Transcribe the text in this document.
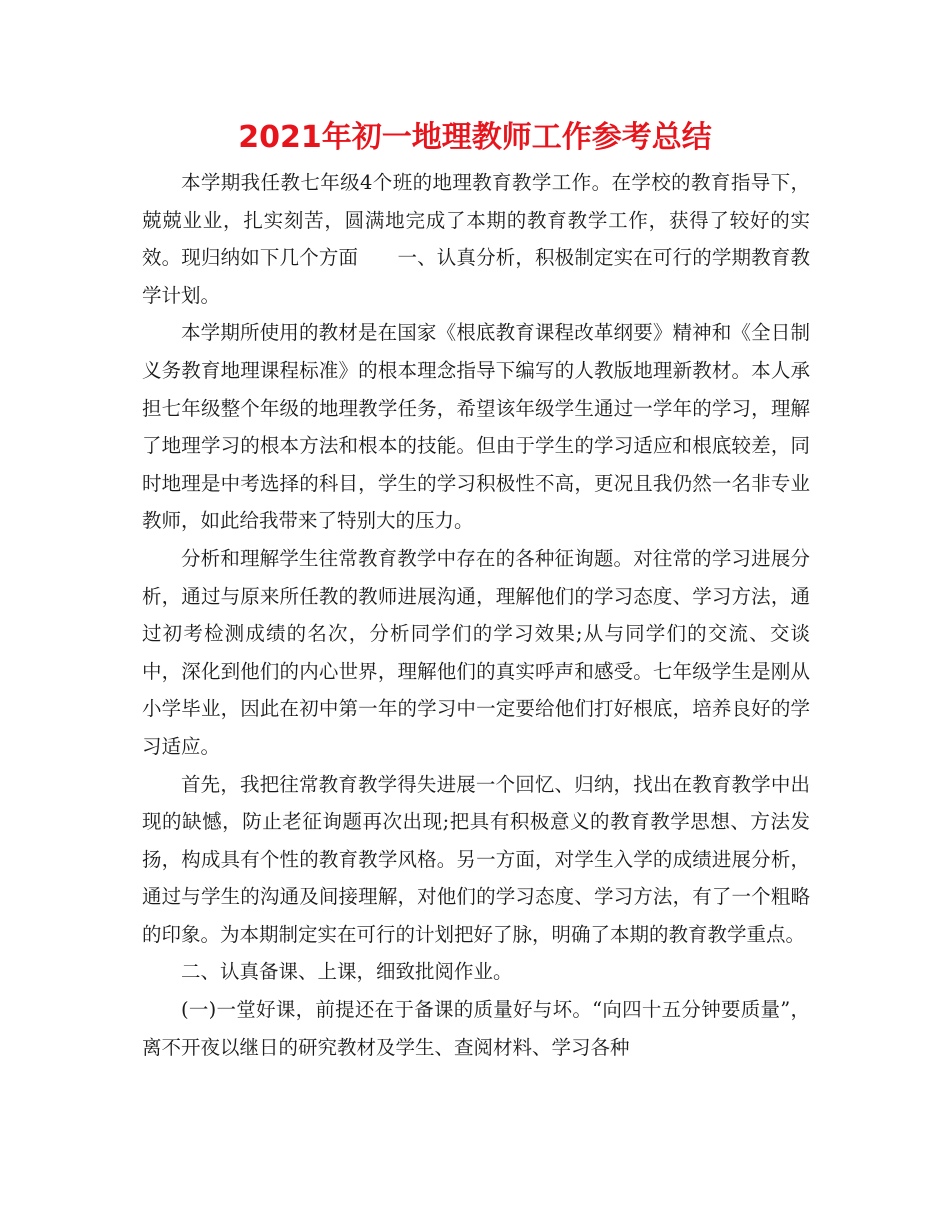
2021年初一地理教师工作参考总结

本学期我任教七年级4个班的地理教育教学工作。在学校的教育指导下，兢兢业业，扎实刻苦，圆满地完成了本期的教育教学工作，获得了较好的实效。现归纳如下几个方面　　一、认真分析，积极制定实在可行的学期教育教学计划。

本学期所使用的教材是在国家《根底教育课程改革纲要》精神和《全日制义务教育地理课程标准》的根本理念指导下编写的人教版地理新教材。本人承担七年级整个年级的地理教学任务，希望该年级学生通过一学年的学习，理解了地理学习的根本方法和根本的技能。但由于学生的学习适应和根底较差，同时地理是中考选择的科目，学生的学习积极性不高，更况且我仍然一名非专业教师，如此给我带来了特别大的压力。

分析和理解学生往常教育教学中存在的各种征询题。对往常的学习进展分析，通过与原来所任教的教师进展沟通，理解他们的学习态度、学习方法，通过初考检测成绩的名次，分析同学们的学习效果;从与同学们的交流、交谈中，深化到他们的内心世界，理解他们的真实呼声和感受。七年级学生是刚从小学毕业，因此在初中第一年的学习中一定要给他们打好根底，培养良好的学习适应。

首先，我把往常教育教学得失进展一个回忆、归纳，找出在教育教学中出现的缺憾，防止老征询题再次出现;把具有积极意义的教育教学思想、方法发扬，构成具有个性的教育教学风格。另一方面，对学生入学的成绩进展分析，通过与学生的沟通及间接理解，对他们的学习态度、学习方法，有了一个粗略的印象。为本期制定实在可行的计划把好了脉，明确了本期的教育教学重点。

二、认真备课、上课，细致批阅作业。

(一)一堂好课，前提还在于备课的质量好与坏。“向四十五分钟要质量”，离不开夜以继日的研究教材及学生、查阅材料、学习各种
